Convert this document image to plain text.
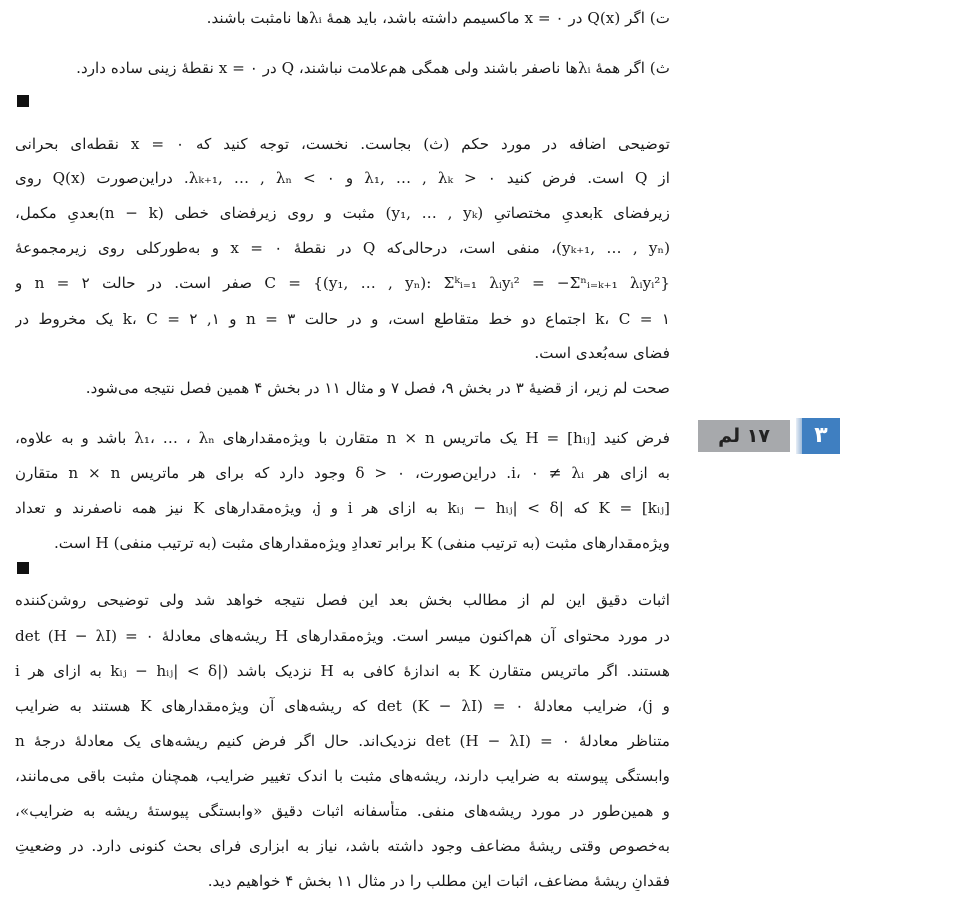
ت) اگر Q(x) در ۰ = x ماکسیمم داشته باشد، باید همهٔ λᵢها نامثبت باشند.
ث) اگر همهٔ λᵢها ناصفر باشند ولی همگی هم‌علامت نباشند، Q در ۰ = x نقطهٔ زینی ساده دارد.
توضیحی اضافه در مورد حکم (ث) بجاست. نخست، توجه کنید که ۰ = x نقطه‌ای بحرانی
از Q است. فرض کنید ۰ < λ₁, … , λₖ و λₖ₊₁, … , λₙ < ۰. دراین‌صورت Q(x) روی
زیرفضای k‌بعدیِ مختصاتیِ (y₁, … , yₖ) مثبت و روی زیرفضای خطی (n − k)‌بعدیِ مکمل،
(yₖ₊₁, … , yₙ)، منفی است، درحالی‌که Q در نقطهٔ ۰ = x و به‌طورکلی روی زیرمجموعهٔ
C = {(y₁, … , yₙ): Σᵏᵢ₌₁ λᵢyᵢ² = −Σⁿᵢ₌ₖ₊₁ λᵢyᵢ²} صفر است. در حالت ۲ = n و
۱ = k، C اجتماع دو خط متقاطع است، و در حالت ۳ = n و ۱, ۲ = k، C یک مخروط در
فضای سه‌بُعدی است.
صحت لم زیر، از قضیهٔ ۳ در بخش ۹، فصل ۷ و مثال ۱۱ در بخش ۴ همین فصل نتیجه می‌شود.
۱۷ لم	۳
فرض کنید H = [hᵢⱼ] یک ماتریس n × n متقارن با ویژه‌مقدارهای λ₁، … ، λₙ باشد و به علاوه،
به ازای هر i، ۰ ≠ λᵢ. دراین‌صورت، ۰ < δ وجود دارد که برای هر ماتریس n × n متقارن
K = [kᵢⱼ] که |kᵢⱼ − hᵢⱼ| < δ به ازای هر i و j، ویژه‌مقدارهای K نیز همه ناصفرند و تعداد
ویژه‌مقدارهای مثبت (به ترتیب منفی) K برابر تعدادِ ویژه‌مقدارهای مثبت (به ترتیب منفی) H است.
اثبات دقیق این لم از مطالب بخش بعد این فصل نتیجه خواهد شد ولی توضیحی روشن‌کننده
در مورد محتوای آن هم‌اکنون میسر است. ویژه‌مقدارهای H ریشه‌های معادلهٔ ۰ = det (H − λI)
هستند. اگر ماتریس متقارن K به اندازهٔ کافی به H نزدیک باشد (|kᵢⱼ − hᵢⱼ| < δ به ازای هر i
و j)، ضرایب معادلهٔ ۰ = det (K − λI) که ریشه‌های آن ویژه‌مقدارهای K هستند به ضرایب
متناظر معادلهٔ ۰ = det (H − λI) نزدیک‌اند. حال اگر فرض کنیم ریشه‌های یک معادلهٔ درجهٔ n
وابستگی پیوسته به ضرایب دارند، ریشه‌های مثبت با اندک تغییر ضرایب، همچنان مثبت باقی می‌مانند،
و همین‌طور در مورد ریشه‌های منفی. متأسفانه اثبات دقیق «وابستگی پیوستهٔ ریشه به ضرایب»،
به‌خصوص وقتی ریشهٔ مضاعف وجود داشته باشد، نیاز به ابزاری فرای بحث کنونی دارد. در وضعیتِ
فقدانِ ریشهٔ مضاعف، اثبات این مطلب را در مثال ۱۱ بخش ۴ خواهیم دید.
